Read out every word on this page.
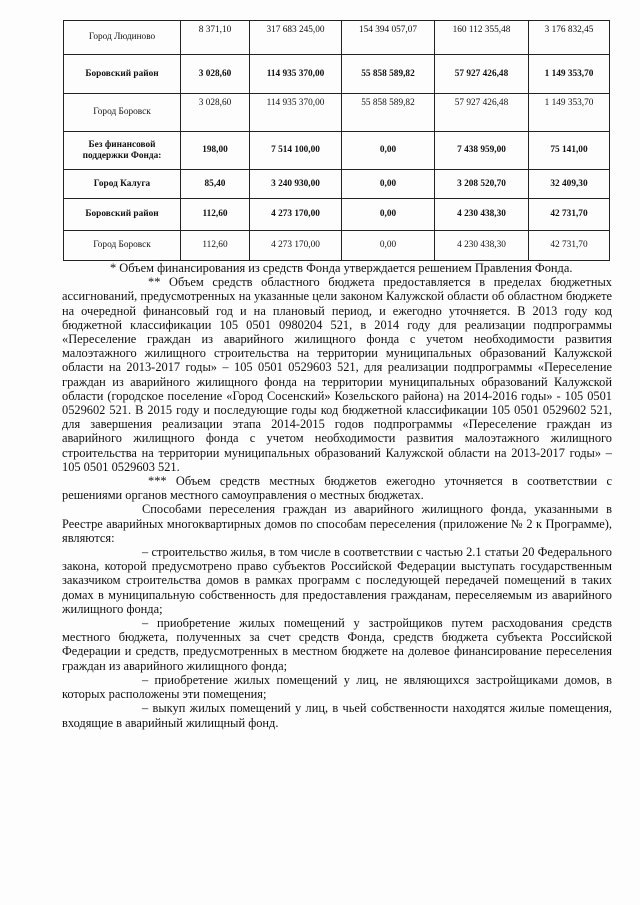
Город Людиново	8 371,10	317 683 245,00	154 394 057,07	160 112 355,48	3 176 832,45
Боровский район	3 028,60	114 935 370,00	55 858 589,82	57 927 426,48	1 149 353,70
Город Боровск	3 028,60	114 935 370,00	55 858 589,82	57 927 426,48	1 149 353,70
Без финансовой поддержки Фонда:	198,00	7 514 100,00	0,00	7 438 959,00	75 141,00
Город Калуга	85,40	3 240 930,00	0,00	3 208 520,70	32 409,30
Боровский район	112,60	4 273 170,00	0,00	4 230 438,30	42 731,70
Город Боровск	112,60	4 273 170,00	0,00	4 230 438,30	42 731,70

* Объем финансирования из средств Фонда утверждается решением Правления Фонда.

** Объем средств областного бюджета предоставляется в пределах бюджетных ассигнований, предусмотренных на указанные цели законом Калужской области об областном бюджете на очередной финансовый год и на плановый период, и ежегодно уточняется. В 2013 году код бюджетной классификации 105 0501 0980204 521, в 2014 году для реализации подпрограммы «Переселение граждан из аварийного жилищного фонда с учетом необходимости развития малоэтажного жилищного строительства на территории муниципальных образований Калужской области на 2013-2017 годы» – 105 0501 0529603 521, для реализации подпрограммы «Переселение граждан из аварийного жилищного фонда на территории муниципальных образований Калужской области (городское поселение «Город Сосенский» Козельского района) на 2014-2016 годы» - 105 0501 0529602 521. В 2015 году и последующие годы код бюджетной классификации 105 0501 0529602 521, для завершения реализации этапа 2014-2015 годов подпрограммы «Переселение граждан из аварийного жилищного фонда с учетом необходимости развития малоэтажного жилищного строительства на территории муниципальных образований Калужской области на 2013-2017 годы» – 105 0501 0529603 521.

*** Объем средств местных бюджетов ежегодно уточняется в соответствии с решениями органов местного самоуправления о местных бюджетах.

Способами переселения граждан из аварийного жилищного фонда, указанными в Реестре аварийных многоквартирных домов по способам переселения (приложение № 2 к Программе), являются:

– строительство жилья, в том числе в соответствии с частью 2.1 статьи 20 Федерального закона, которой предусмотрено право субъектов Российской Федерации выступать государственным заказчиком строительства домов в рамках программ с последующей передачей помещений в таких домах в муниципальную собственность для предоставления гражданам, переселяемым из аварийного жилищного фонда;

– приобретение жилых помещений у застройщиков путем расходования средств местного бюджета, полученных за счет средств Фонда, средств бюджета субъекта Российской Федерации и средств, предусмотренных в местном бюджете на долевое финансирование переселения граждан из аварийного жилищного фонда;

– приобретение жилых помещений у лиц, не являющихся застройщиками домов, в которых расположены эти помещения;

– выкуп жилых помещений у лиц, в чьей собственности находятся жилые помещения, входящие в аварийный жилищный фонд.
